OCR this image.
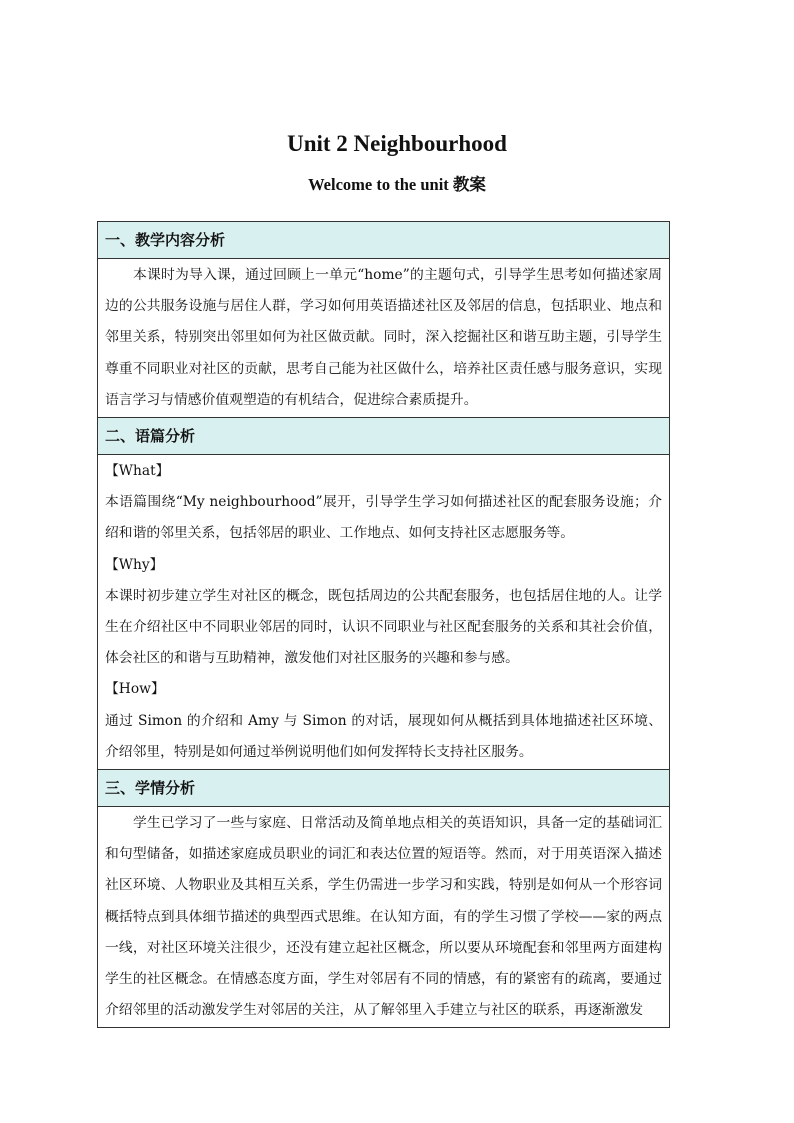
Unit 2 Neighbourhood
Welcome to the unit 教案
一、教学内容分析

本课时为导入课，通过回顾上一单元“home”的主题句式，引导学生思考如何描述家周边的公共服务设施与居住人群，学习如何用英语描述社区及邻居的信息，包括职业、地点和邻里关系，特别突出邻里如何为社区做贡献。同时，深入挖掘社区和谐互助主题，引导学生尊重不同职业对社区的贡献，思考自己能为社区做什么，培养社区责任感与服务意识，实现语言学习与情感价值观塑造的有机结合，促进综合素质提升。

二、语篇分析

【What】

本语篇围绕“My neighbourhood”展开，引导学生学习如何描述社区的配套服务设施；介绍和谐的邻里关系，包括邻居的职业、工作地点、如何支持社区志愿服务等。

【Why】

本课时初步建立学生对社区的概念，既包括周边的公共配套服务，也包括居住地的人。让学生在介绍社区中不同职业邻居的同时，认识不同职业与社区配套服务的关系和其社会价值，体会社区的和谐与互助精神，激发他们对社区服务的兴趣和参与感。

【How】

通过 Simon 的介绍和 Amy 与 Simon 的对话，展现如何从概括到具体地描述社区环境、介绍邻里，特别是如何通过举例说明他们如何发挥特长支持社区服务。

三、学情分析

学生已学习了一些与家庭、日常活动及简单地点相关的英语知识，具备一定的基础词汇和句型储备，如描述家庭成员职业的词汇和表达位置的短语等。然而，对于用英语深入描述社区环境、人物职业及其相互关系，学生仍需进一步学习和实践，特别是如何从一个形容词概括特点到具体细节描述的典型西式思维。在认知方面，有的学生习惯了学校——家的两点一线，对社区环境关注很少，还没有建立起社区概念，所以要从环境配套和邻里两方面建构学生的社区概念。在情感态度方面，学生对邻居有不同的情感，有的紧密有的疏离，要通过介绍邻里的活动激发学生对邻居的关注，从了解邻里入手建立与社区的联系，再逐渐激发
